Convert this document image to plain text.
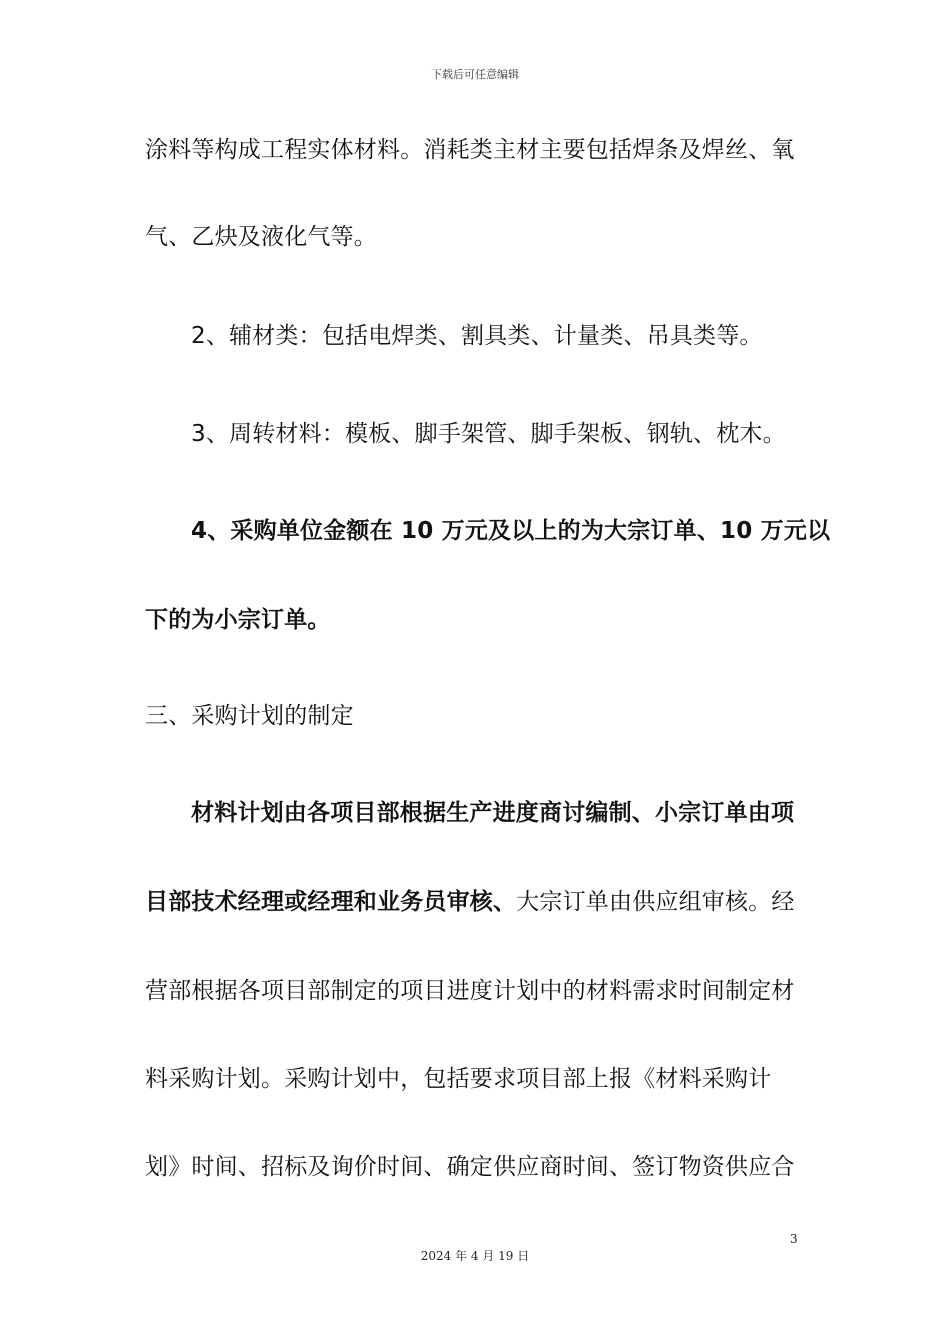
下载后可任意编辑
涂料等构成工程实体材料。消耗类主材主要包括焊条及焊丝、氧
气、乙炔及液化气等。
2、辅材类：包括电焊类、割具类、计量类、吊具类等。
3、周转材料：模板、脚手架管、脚手架板、钢轨、枕木。
4、采购单位金额在 10 万元及以上的为大宗订单、10 万元以
下的为小宗订单。
三、采购计划的制定
材料计划由各项目部根据生产进度商讨编制、小宗订单由项
目部技术经理或经理和业务员审核、大宗订单由供应组审核。经
营部根据各项目部制定的项目进度计划中的材料需求时间制定材
料采购计划。采购计划中，包括要求项目部上报《材料采购计
划》时间、招标及询价时间、确定供应商时间、签订物资供应合
3
2024 年 4 月 19 日
